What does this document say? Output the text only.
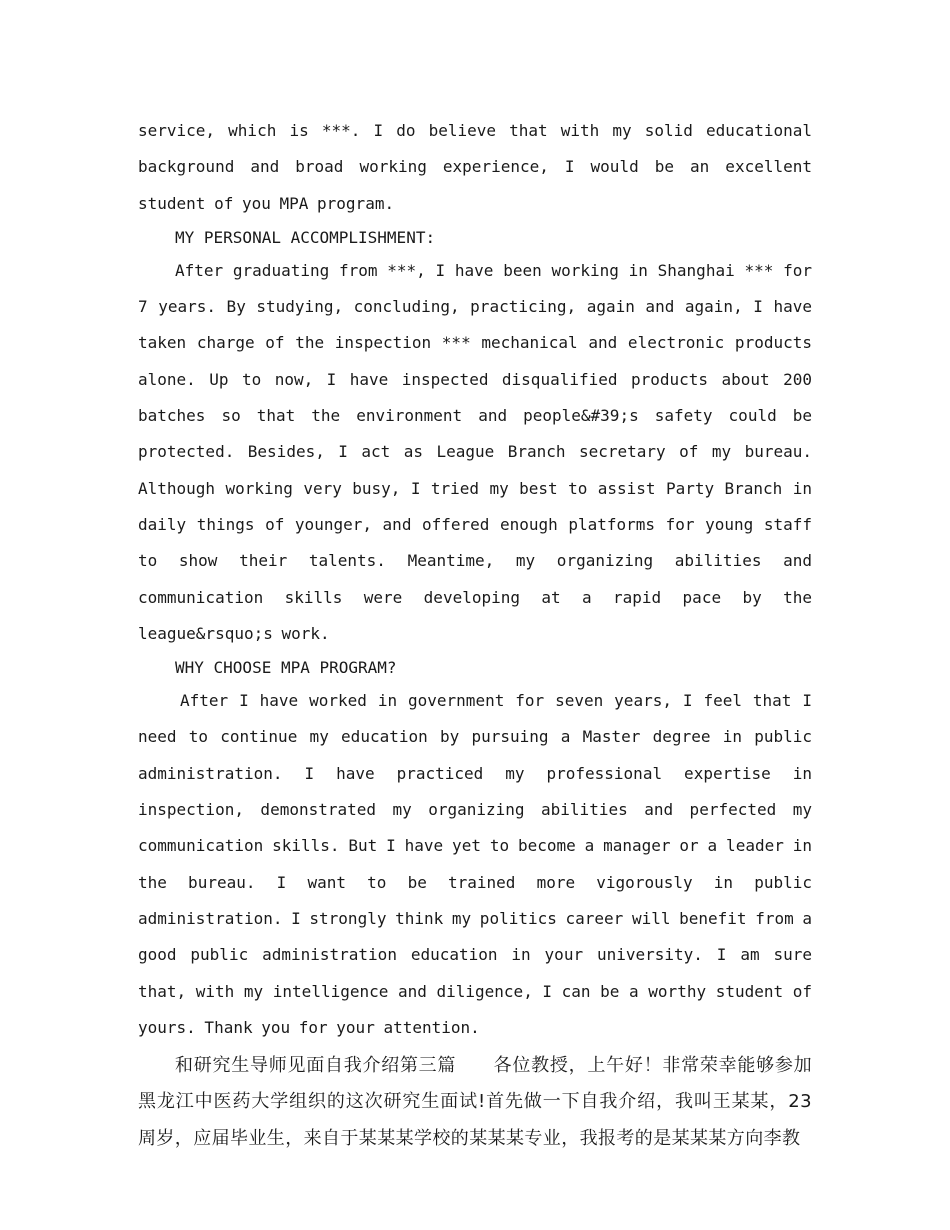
service, which is ***. I do believe that with my solid educational background and broad working experience, I would be an excellent student of you MPA program.

MY PERSONAL ACCOMPLISHMENT:

After graduating from ***, I have been working in Shanghai *** for 7 years. By studying, concluding, practicing, again and again, I have taken charge of the inspection *** mechanical and electronic products alone. Up to now, I have inspected disqualified products about 200 batches so that the environment and people&#39;s safety could be protected. Besides, I act as League Branch secretary of my bureau. Although working very busy, I tried my best to assist Party Branch in daily things of younger, and offered enough platforms for young staff to show their talents. Meantime, my organizing abilities and communication skills were developing at a rapid pace by the league&rsquo;s work.

WHY CHOOSE MPA PROGRAM?

After I have worked in government for seven years, I feel that I need to continue my education by pursuing a Master degree in public administration. I have practiced my professional expertise in inspection, demonstrated my organizing abilities and perfected my communication skills. But I have yet to become a manager or a leader in the bureau. I want to be trained more vigorously in public administration. I strongly think my politics career will benefit from a good public administration education in your university. I am sure that, with my intelligence and diligence, I can be a worthy student of yours. Thank you for your attention.

和研究生导师见面自我介绍第三篇　　各位教授，上午好！非常荣幸能够参加黑龙江中医药大学组织的这次研究生面试!首先做一下自我介绍，我叫王某某，23周岁，应届毕业生，来自于某某某学校的某某某专业，我报考的是某某某方向李教
